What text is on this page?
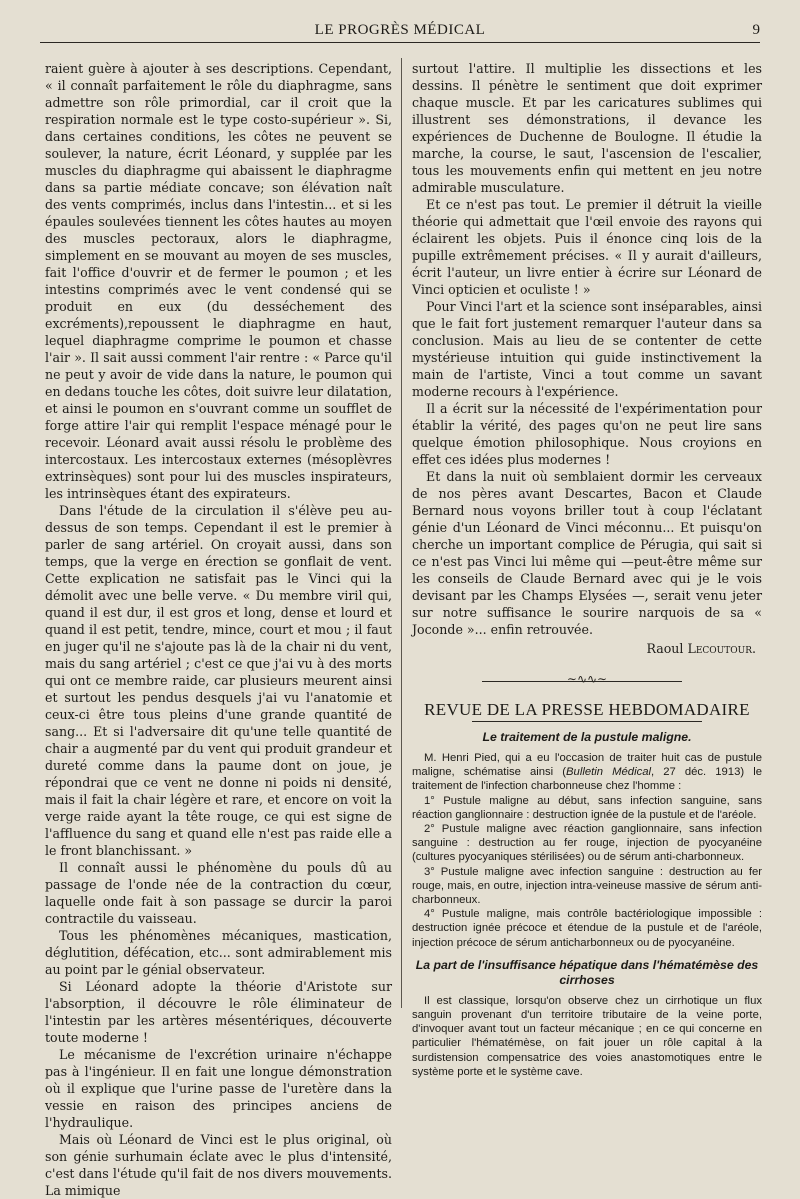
LE PROGRÈS MÉDICAL	9

raient guère à ajouter à ses descriptions. Cependant, « il connaît parfaitement le rôle du diaphragme, sans admettre son rôle primordial, car il croit que la respiration normale est le type costo-supérieur ». Si, dans certaines conditions, les côtes ne peuvent se soulever, la nature, écrit Léonard, y supplée par les muscles du diaphragme qui abaissent le diaphragme dans sa partie médiate concave; son élévation naît des vents comprimés, inclus dans l'intestin... et si les épaules soulevées tiennent les côtes hautes au moyen des muscles pectoraux, alors le diaphragme, simplement en se mouvant au moyen de ses muscles, fait l'office d'ouvrir et de fermer le poumon ; et les intestins comprimés avec le vent condensé qui se produit en eux (du desséchement des excréments),repoussent le diaphragme en haut, lequel diaphragme comprime le poumon et chasse l'air ». Il sait aussi comment l'air rentre : « Parce qu'il ne peut y avoir de vide dans la nature, le poumon qui en dedans touche les côtes, doit suivre leur dilatation, et ainsi le poumon en s'ouvrant comme un soufflet de forge attire l'air qui remplit l'espace ménagé pour le recevoir. Léonard avait aussi résolu le problème des intercostaux. Les intercostaux externes (mésoplèvres extrinsèques) sont pour lui des muscles inspirateurs, les intrinsèques étant des expirateurs.

Dans l'étude de la circulation il s'élève peu au-dessus de son temps. Cependant il est le premier à parler de sang artériel. On croyait aussi, dans son temps, que la verge en érection se gonflait de vent. Cette explication ne satisfait pas le Vinci qui la démolit avec une belle verve. « Du membre viril qui, quand il est dur, il est gros et long, dense et lourd et quand il est petit, tendre, mince, court et mou ; il faut en juger qu'il ne s'ajoute pas là de la chair ni du vent, mais du sang artériel ; c'est ce que j'ai vu à des morts qui ont ce membre raide, car plusieurs meurent ainsi et surtout les pendus desquels j'ai vu l'anatomie et ceux-ci être tous pleins d'une grande quantité de sang... Et si l'adversaire dit qu'une telle quantité de chair a augmenté par du vent qui produit grandeur et dureté comme dans la paume dont on joue, je répondrai que ce vent ne donne ni poids ni densité, mais il fait la chair légère et rare, et encore on voit la verge raide ayant la tête rouge, ce qui est signe de l'affluence du sang et quand elle n'est pas raide elle a le front blanchissant. »

Il connaît aussi le phénomène du pouls dû au passage de l'onde née de la contraction du cœur, laquelle onde fait à son passage se durcir la paroi contractile du vaisseau.

Tous les phénomènes mécaniques, mastication, déglutition, défécation, etc... sont admirablement mis au point par le génial observateur.

Si Léonard adopte la théorie d'Aristote sur l'absorption, il découvre le rôle éliminateur de l'intestin par les artères mésentériques, découverte toute moderne !

Le mécanisme de l'excrétion urinaire n'échappe pas à l'ingénieur. Il en fait une longue démonstration où il explique que l'urine passe de l'uretère dans la vessie en raison des principes anciens de l'hydraulique.

Mais où Léonard de Vinci est le plus original, où son génie surhumain éclate avec le plus d'intensité, c'est dans l'étude qu'il fait de nos divers mouvements. La mimique

surtout l'attire. Il multiplie les dissections et les dessins. Il pénètre le sentiment que doit exprimer chaque muscle. Et par les caricatures sublimes qui illustrent ses démonstrations, il devance les expériences de Duchenne de Boulogne. Il étudie la marche, la course, le saut, l'ascension de l'escalier, tous les mouvements enfin qui mettent en jeu notre admirable musculature.

Et ce n'est pas tout. Le premier il détruit la vieille théorie qui admettait que l'œil envoie des rayons qui éclairent les objets. Puis il énonce cinq lois de la pupille extrêmement précises. « Il y aurait d'ailleurs, écrit l'auteur, un livre entier à écrire sur Léonard de Vinci opticien et oculiste ! »

Pour Vinci l'art et la science sont inséparables, ainsi que le fait fort justement remarquer l'auteur dans sa conclusion. Mais au lieu de se contenter de cette mystérieuse intuition qui guide instinctivement la main de l'artiste, Vinci a tout comme un savant moderne recours à l'expérience.

Il a écrit sur la nécessité de l'expérimentation pour établir la vérité, des pages qu'on ne peut lire sans quelque émotion philosophique. Nous croyions en effet ces idées plus modernes !

Et dans la nuit où semblaient dormir les cerveaux de nos pères avant Descartes, Bacon et Claude Bernard nous voyons briller tout à coup l'éclatant génie d'un Léonard de Vinci méconnu... Et puisqu'on cherche un important complice de Pérugia, qui sait si ce n'est pas Vinci lui même qui —peut-être même sur les conseils de Claude Bernard avec qui je le vois devisant par les Champs Elysées —, serait venu jeter sur notre suffisance le sourire narquois de sa « Joconde »... enfin retrouvée.

Raoul Lecoutour.
∼∿∿∼
REVUE DE LA PRESSE HEBDOMADAIRE
Le traitement de la pustule maligne.

M. Henri Pied, qui a eu l'occasion de traiter huit cas de pustule maligne, schématise ainsi (Bulletin Médical, 27 déc. 1913) le traitement de l'infection charbonneuse chez l'homme :

1° Pustule maligne au début, sans infection sanguine, sans réaction ganglionnaire : destruction ignée de la pustule et de l'aréole.
2° Pustule maligne avec réaction ganglionnaire, sans infection sanguine : destruction au fer rouge, injection de pyocyanéine (cultures pyocyaniques stérilisées) ou de sérum anti-charbonneux.
3° Pustule maligne avec infection sanguine : destruction au fer rouge, mais, en outre, injection intra-veineuse massive de sérum anti-charbonneux.
4° Pustule maligne, mais contrôle bactériologique impossible : destruction ignée précoce et étendue de la pustule et de l'aréole, injection précoce de sérum anticharbonneux ou de pyocyanéine.
La part de l'insuffisance hépatique dans l'hématémèse des cirrhoses

Il est classique, lorsqu'on observe chez un cirrhotique un flux sanguin provenant d'un territoire tributaire de la veine porte, d'invoquer avant tout un facteur mécanique ; en ce qui concerne en particulier l'hématémèse, on fait jouer un rôle capital à la surdistension compensatrice des voies anastomotiques entre le système porte et le système cave.
